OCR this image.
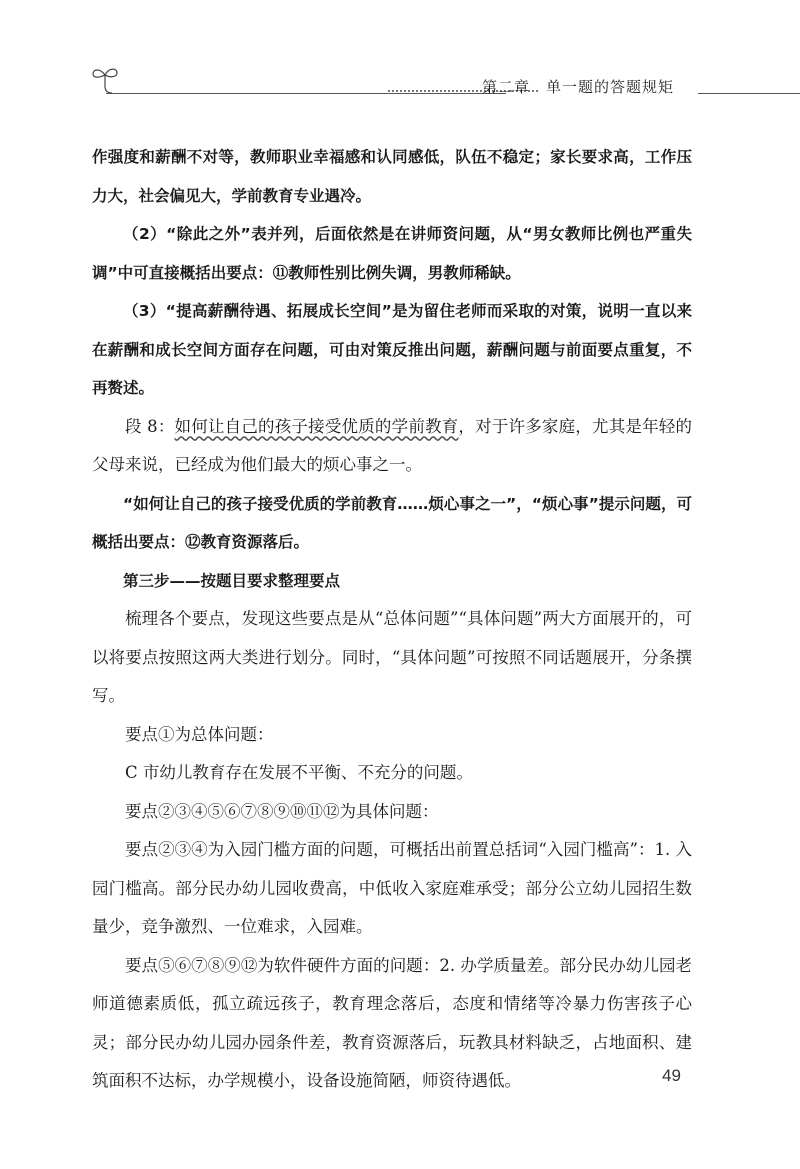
第二章　单一题的答题规矩

作强度和薪酬不对等，教师职业幸福感和认同感低，队伍不稳定；家长要求高，工作压力大，社会偏见大，学前教育专业遇冷。

（2）“除此之外”表并列，后面依然是在讲师资问题，从“男女教师比例也严重失调”中可直接概括出要点：⑪教师性别比例失调，男教师稀缺。

（3）“提高薪酬待遇、拓展成长空间”是为留住老师而采取的对策，说明一直以来在薪酬和成长空间方面存在问题，可由对策反推出问题，薪酬问题与前面要点重复，不再赘述。

段 8：如何让自己的孩子接受优质的学前教育，对于许多家庭，尤其是年轻的父母来说，已经成为他们最大的烦心事之一。

“如何让自己的孩子接受优质的学前教育……烦心事之一”，“烦心事”提示问题，可概括出要点：⑫教育资源落后。

第三步——按题目要求整理要点

梳理各个要点，发现这些要点是从“总体问题”“具体问题”两大方面展开的，可以将要点按照这两大类进行划分。同时，“具体问题”可按照不同话题展开，分条撰写。

要点①为总体问题：

C 市幼儿教育存在发展不平衡、不充分的问题。

要点②③④⑤⑥⑦⑧⑨⑩⑪⑫为具体问题：

要点②③④为入园门槛方面的问题，可概括出前置总括词“入园门槛高”：1. 入园门槛高。部分民办幼儿园收费高，中低收入家庭难承受；部分公立幼儿园招生数量少，竞争激烈、一位难求，入园难。

要点⑤⑥⑦⑧⑨⑫为软件硬件方面的问题：2. 办学质量差。部分民办幼儿园老师道德素质低，孤立疏远孩子，教育理念落后，态度和情绪等冷暴力伤害孩子心灵；部分民办幼儿园办园条件差，教育资源落后，玩教具材料缺乏，占地面积、建筑面积不达标，办学规模小，设备设施简陋，师资待遇低。	49
